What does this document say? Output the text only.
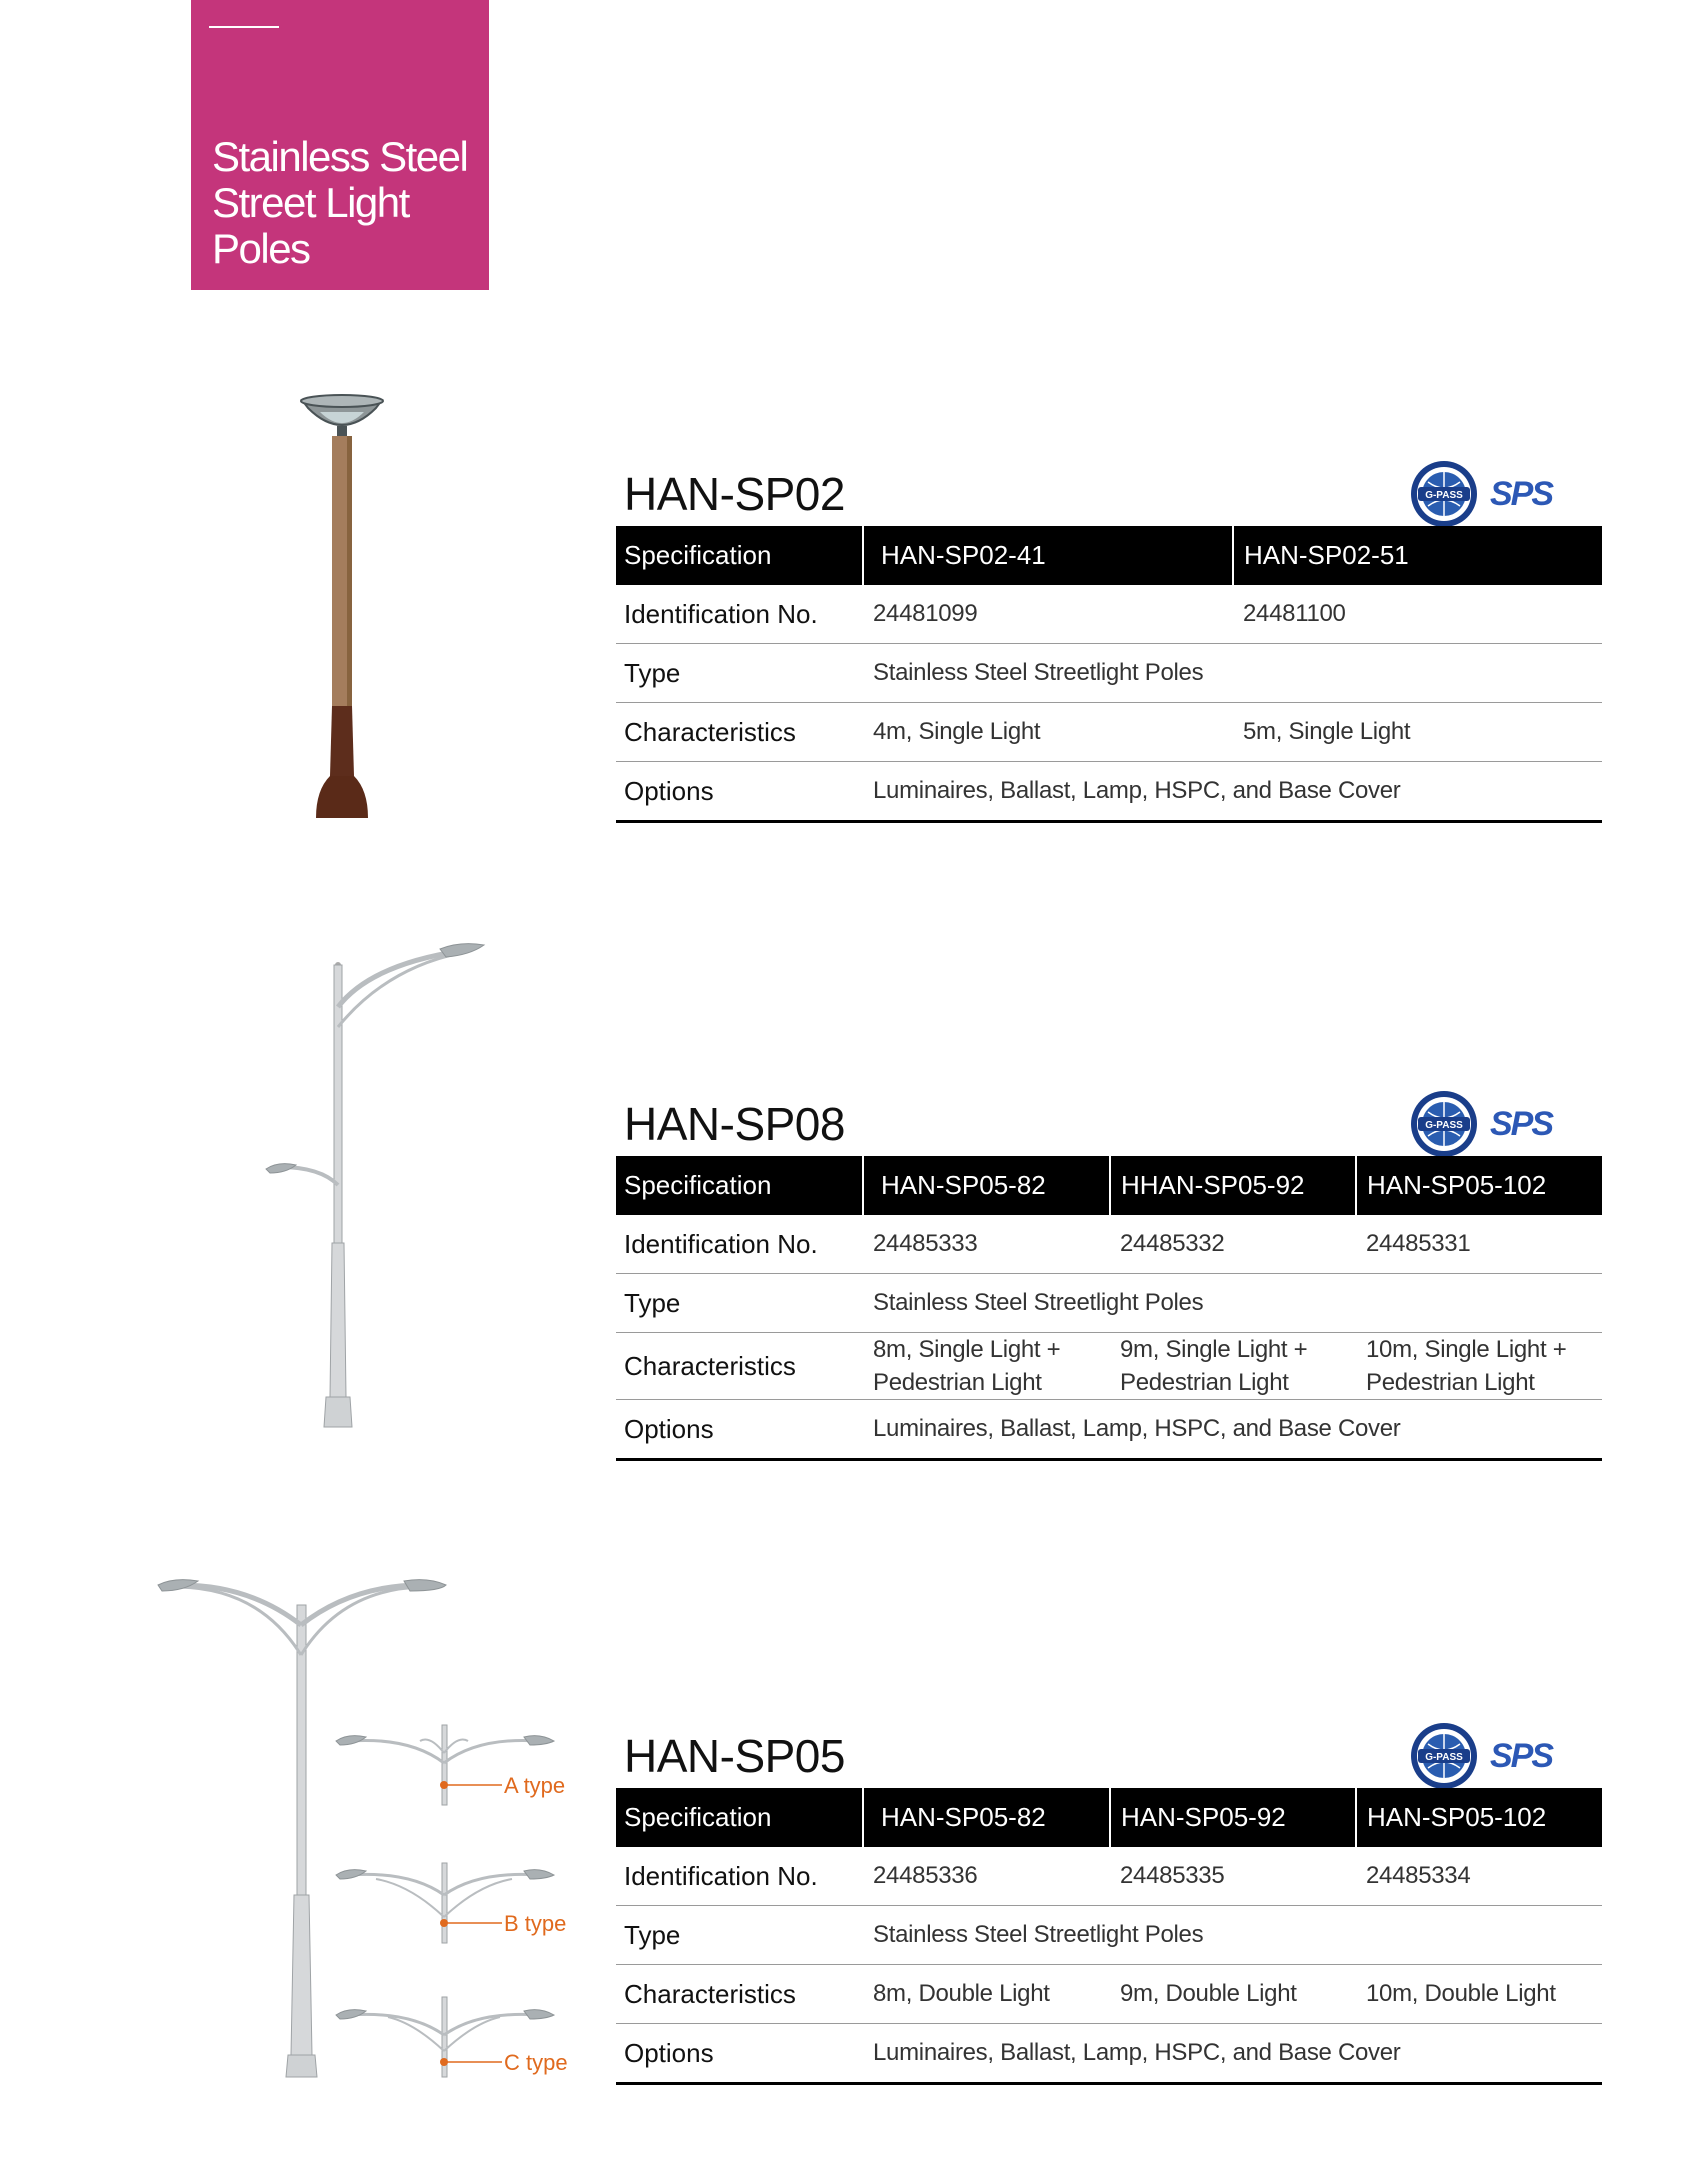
Stainless Steel Street Light Poles
A type
B type
C type
HAN-SP02	G-PASS SPS
Specification	HAN-SP02-41	HAN-SP02-51
Identification No.	24481099	24481100
Type	Stainless Steel Streetlight Poles	
Characteristics	4m, Single Light	5m, Single Light
Options	Luminaires, Ballast, Lamp, HSPC, and Base Cover	
HAN-SP08	G-PASS SPS
Specification	HAN-SP05-82	HHAN-SP05-92	HAN-SP05-102
Identification No.	24485333	24485332	24485331
Type	Stainless Steel Streetlight Poles		
Characteristics	8m, Single Light + Pedestrian Light	9m, Single Light + Pedestrian Light	10m, Single Light + Pedestrian Light
Options	Luminaires, Ballast, Lamp, HSPC, and Base Cover		
HAN-SP05	G-PASS SPS
Specification	HAN-SP05-82	HAN-SP05-92	HAN-SP05-102
Identification No.	24485336	24485335	24485334
Type	Stainless Steel Streetlight Poles		
Characteristics	8m, Double Light	9m, Double Light	10m, Double Light
Options	Luminaires, Ballast, Lamp, HSPC, and Base Cover		
